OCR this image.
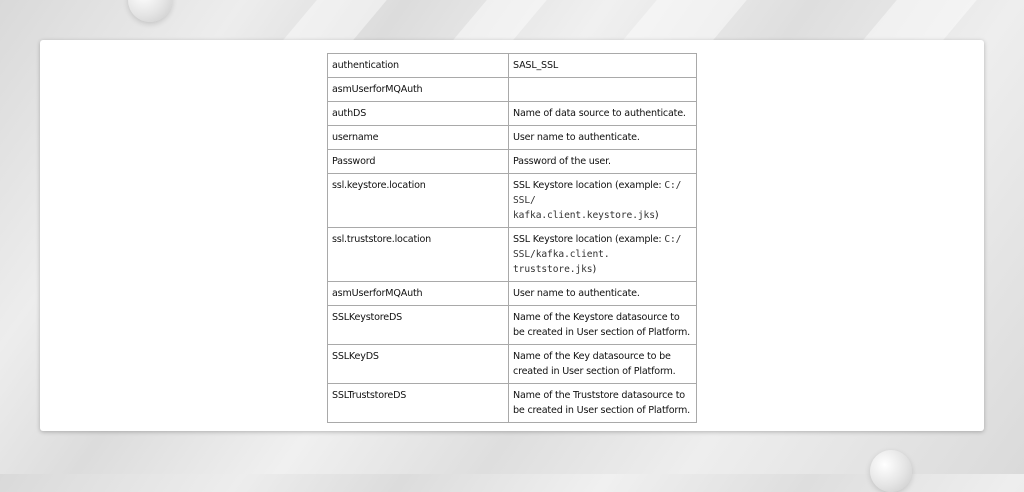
authentication	SASL_SSL
asmUserforMQAuth	
authDS	Name of data source to authenticate.
username	User name to authenticate.
Password	Password of the user.
ssl.keystore.location	SSL Keystore location (example: C:/
SSL/
kafka.client.keystore.jks)
ssl.truststore.location	SSL Keystore location (example: C:/
SSL/kafka.client.
truststore.jks)
asmUserforMQAuth	User name to authenticate.
SSLKeystoreDS	Name of the Keystore datasource to be created in User section of Platform.
SSLKeyDS	Name of the Key datasource to be created in User section of Platform.
SSLTruststoreDS	Name of the Truststore datasource to be created in User section of Platform.
